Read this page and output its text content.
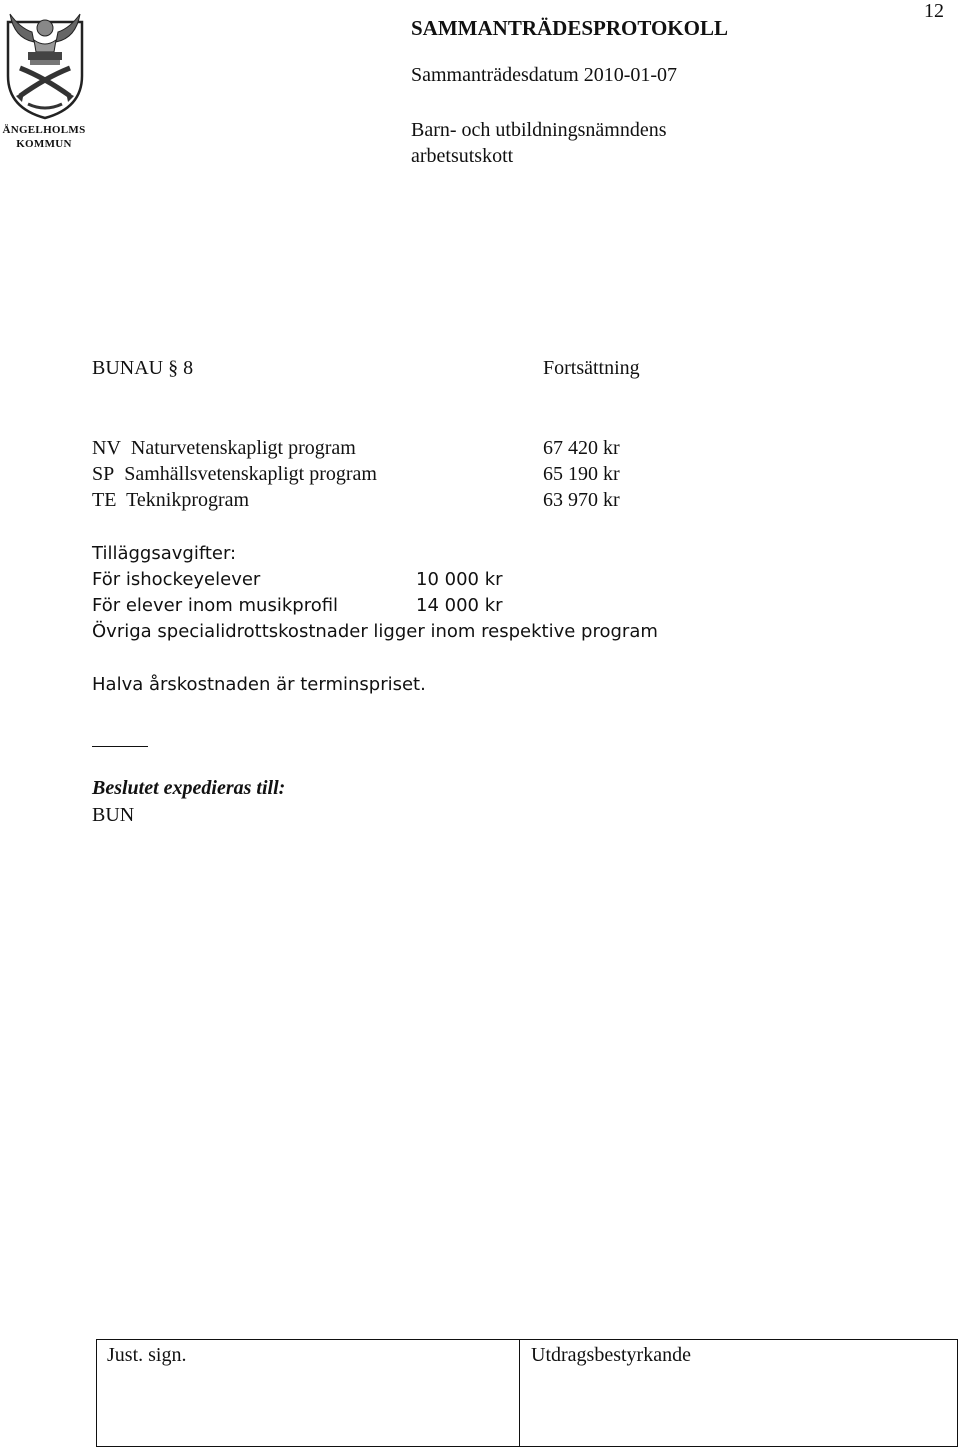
12
ÄNGELHOLMS
KOMMUN
SAMMANTRÄDESPROTOKOLL
Sammanträdesdatum 2010-01-07
Barn- och utbildningsnämndens
arbetsutskott
BUNAU § 8	Fortsättning
NV Naturvetenskapligt program	67 420 kr
SP Samhällsvetenskapligt program	65 190 kr
TE Teknikprogram	63 970 kr
Tilläggsavgifter:
För ishockeyelever	10 000 kr
För elever inom musikprofil	14 000 kr
Övriga specialidrottskostnader ligger inom respektive program
Halva årskostnaden är terminspriset.
Beslutet expedieras till:
BUN
Just. sign.	Utdragsbestyrkande
